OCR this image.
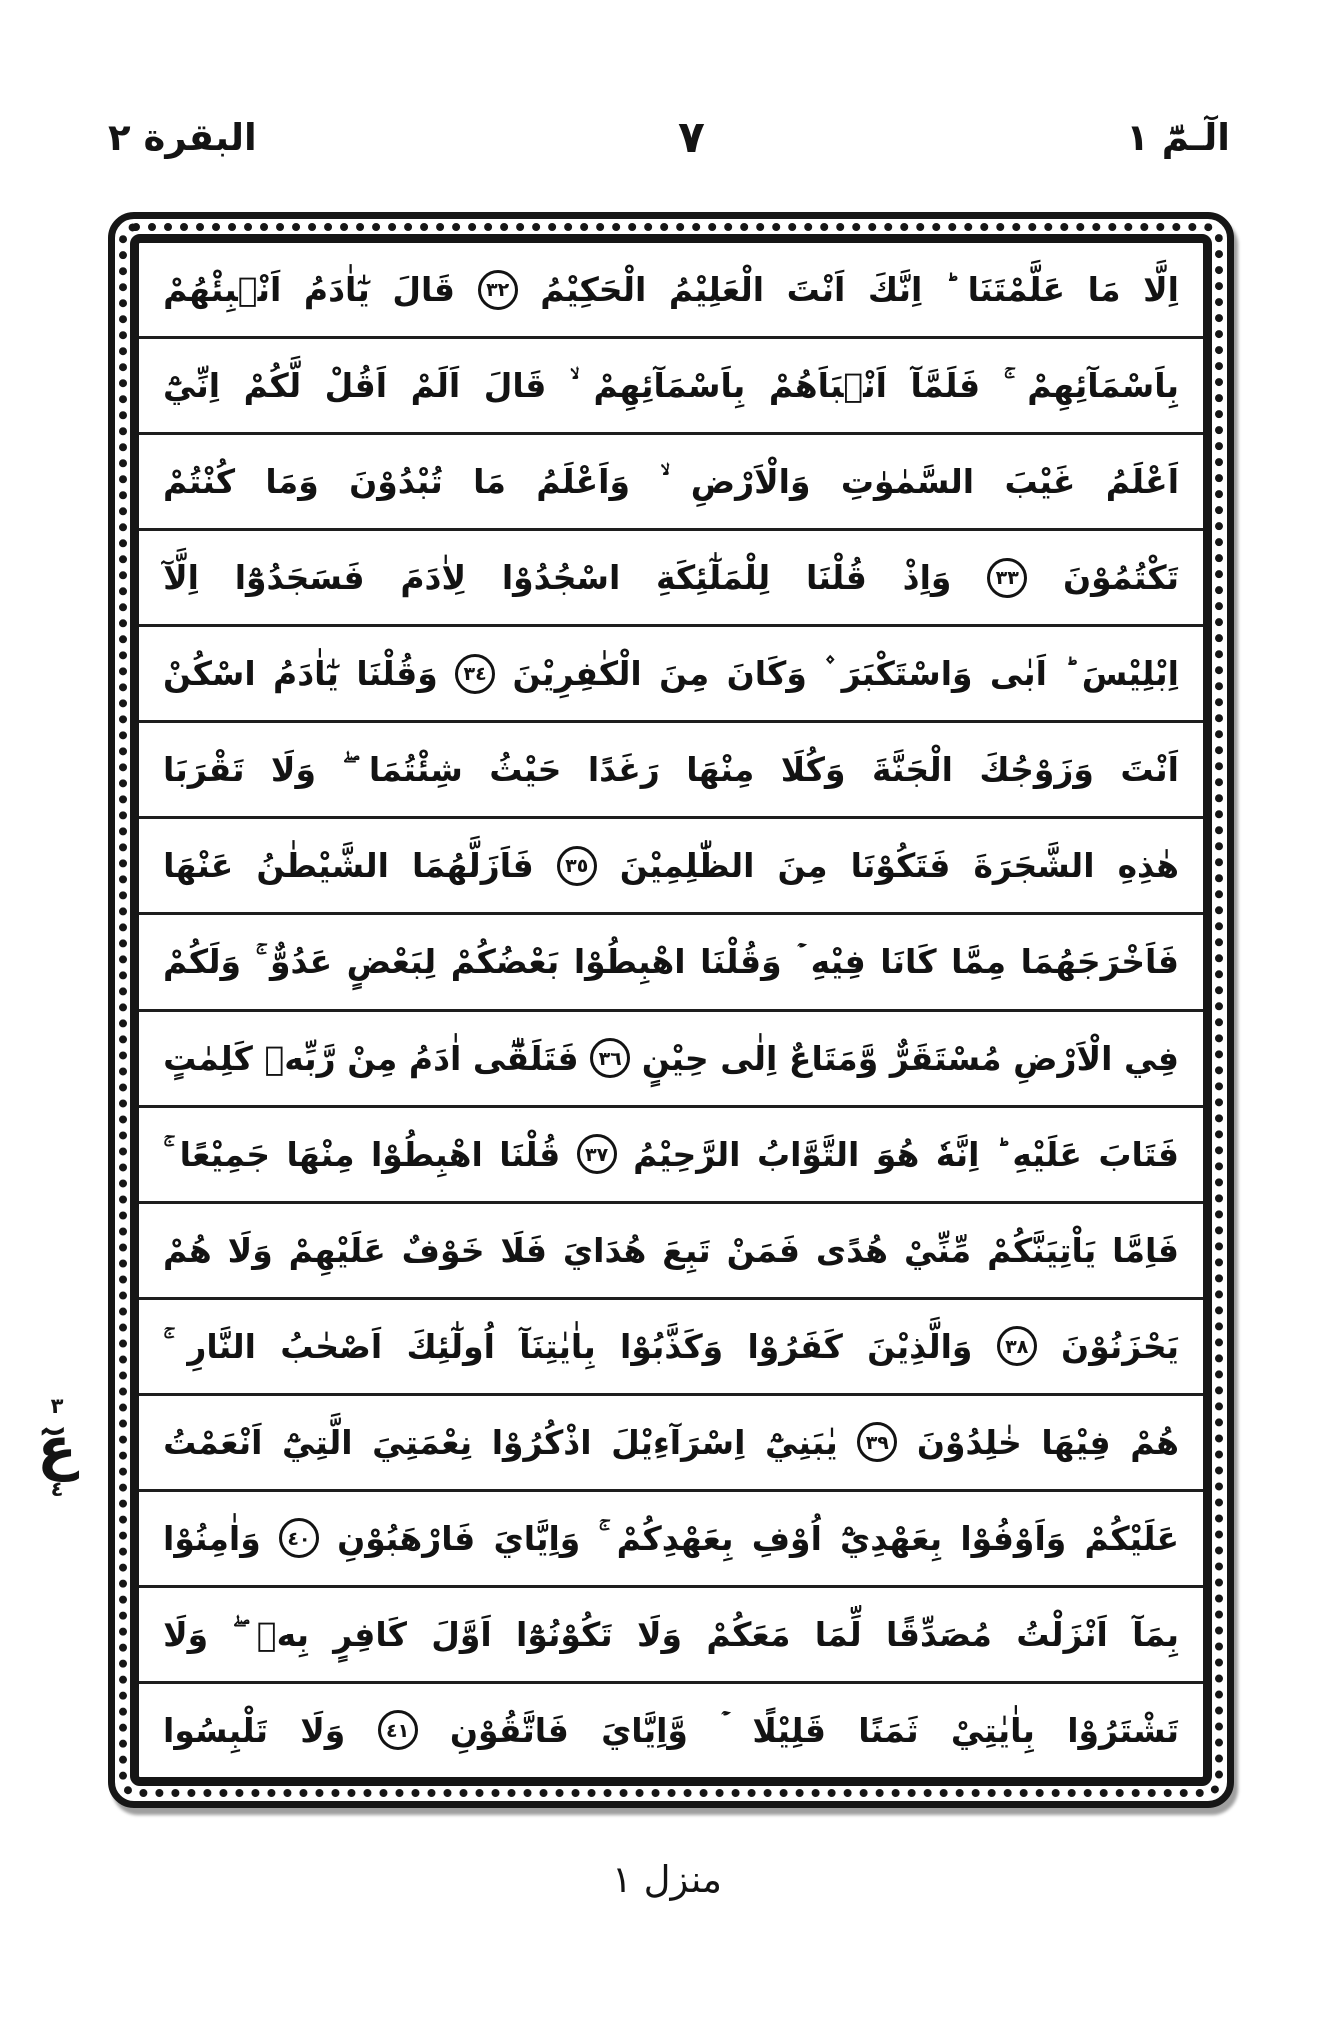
الٓـمّٓ ١
٧
البقرة ٢
اِلَّا
مَا
عَلَّمْتَنَا
اِنَّكَ
اَنْتَ
الْعَلِيْمُ
الْحَكِيْمُ
٣٢
قَالَ
يٰٓاٰدَمُ
اَنْۢبِئْهُمْ
بِاَسْمَآئِهِمْ
فَلَمَّآ
اَنْۢبَاَهُمْ
بِاَسْمَآئِهِمْ
قَالَ
اَلَمْ
اَقُلْ
لَّكُمْ
اِنِّيْٓ
اَعْلَمُ
غَيْبَ
السَّمٰوٰتِ
وَالْاَرْضِ
وَاَعْلَمُ
مَا
تُبْدُوْنَ
وَمَا
كُنْتُمْ
تَكْتُمُوْنَ
٣٣
وَاِذْ
قُلْنَا
لِلْمَلٰٓئِكَةِ
اسْجُدُوْا
لِاٰدَمَ
فَسَجَدُوْٓا
اِلَّآ
اِبْلِيْسَ
اَبٰى
وَاسْتَكْبَرَ
وَكَانَ
مِنَ
الْكٰفِرِيْنَ
٣٤
وَقُلْنَا
يٰٓاٰدَمُ
اسْكُنْ
اَنْتَ
وَزَوْجُكَ
الْجَنَّةَ
وَكُلَا
مِنْهَا
رَغَدًا
حَيْثُ
شِئْتُمَا
وَلَا
تَقْرَبَا
هٰذِهِ
الشَّجَرَةَ
فَتَكُوْنَا
مِنَ
الظّٰلِمِيْنَ
٣٥
فَاَزَلَّهُمَا
الشَّيْطٰنُ
عَنْهَا
فَاَخْرَجَهُمَا
مِمَّا
كَانَا
فِيْهِ
وَقُلْنَا
اهْبِطُوْا
بَعْضُكُمْ
لِبَعْضٍ
عَدُوٌّ
وَلَكُمْ
فِي
الْاَرْضِ
مُسْتَقَرٌّ
وَّمَتَاعٌ
اِلٰى
حِيْنٍ
٣٦
فَتَلَقّٰٓى
اٰدَمُ
مِنْ
رَّبِّهٖ
كَلِمٰتٍ
فَتَابَ
عَلَيْهِ
اِنَّهٗ
هُوَ
التَّوَّابُ
الرَّحِيْمُ
٣٧
قُلْنَا
اهْبِطُوْا
مِنْهَا
جَمِيْعًا
فَاِمَّا
يَاْتِيَنَّكُمْ
مِّنِّيْ
هُدًى
فَمَنْ
تَبِعَ
هُدَايَ
فَلَا
خَوْفٌ
عَلَيْهِمْ
وَلَا
هُمْ
يَحْزَنُوْنَ
٣٨
وَالَّذِيْنَ
كَفَرُوْا
وَكَذَّبُوْا
بِاٰيٰتِنَآ
اُولٰٓئِكَ
اَصْحٰبُ
النَّارِ
هُمْ
فِيْهَا
خٰلِدُوْنَ
٣٩
يٰبَنِيْٓ
اِسْرَآءِيْلَ
اذْكُرُوْا
نِعْمَتِيَ
الَّتِيْٓ
اَنْعَمْتُ
عَلَيْكُمْ
وَاَوْفُوْا
بِعَهْدِيْٓ
اُوْفِ
بِعَهْدِكُمْ
وَاِيَّايَ
فَارْهَبُوْنِ
٤٠
وَاٰمِنُوْا
بِمَآ
اَنْزَلْتُ
مُصَدِّقًا
لِّمَا
مَعَكُمْ
وَلَا
تَكُوْنُوْٓا
اَوَّلَ
كَافِرٍ
بِهٖ
وَلَا
تَشْتَرُوْا
بِاٰيٰتِيْ
ثَمَنًا
قَلِيْلًا
وَّاِيَّايَ
فَاتَّقُوْنِ
٤١
وَلَا
تَلْبِسُوا
٣
عٓ
٤
منزل ١
